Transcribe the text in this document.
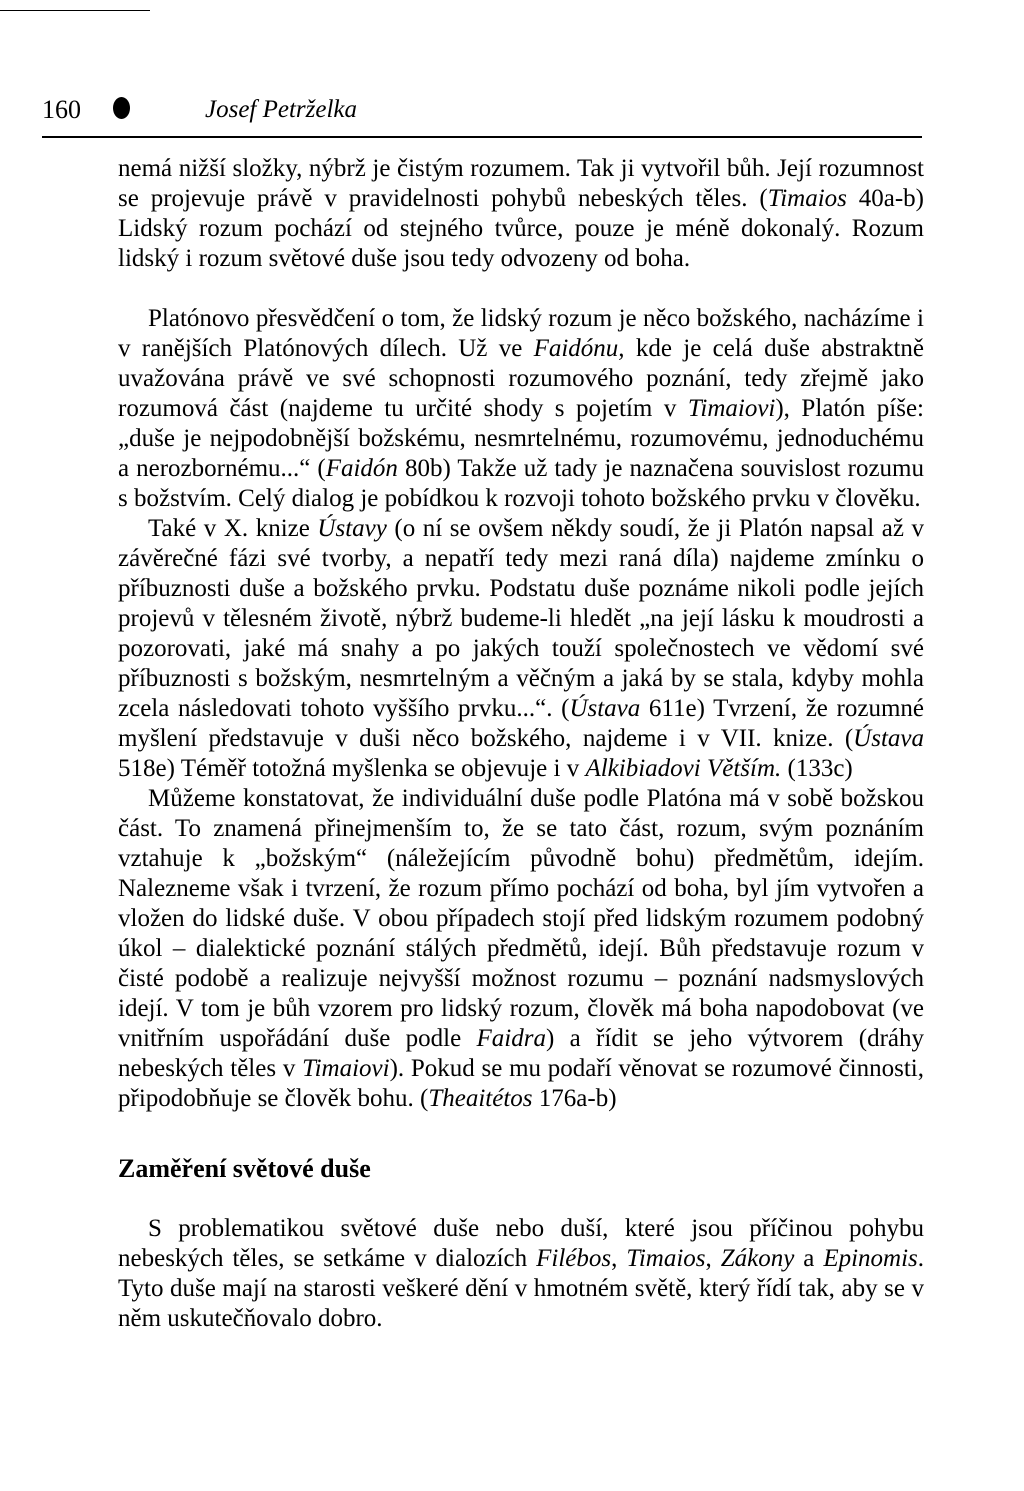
160	Josef Petrželka

nemá nižší složky, nýbrž je čistým rozumem. Tak ji vytvořil bůh. Její rozumnost se projevuje právě v pravidelnosti pohybů nebeských těles. (Timaios 40a-b) Lidský rozum pochází od stejného tvůrce, pouze je méně dokonalý. Rozum lidský i rozum světové duše jsou tedy odvozeny od boha.

Platónovo přesvědčení o tom, že lidský rozum je něco božského, nacházíme i v ranějších Platónových dílech. Už ve Faidónu, kde je celá duše abstraktně uvažována právě ve své schopnosti rozumového poznání, tedy zřejmě jako rozumová část (najdeme tu určité shody s pojetím v Timaiovi), Platón píše: „duše je nejpodobnější božskému, nesmrtelnému, rozumovému, jednoduchému a nerozbornému...“ (Faidón 80b) Takže už tady je naznačena souvislost rozumu s božstvím. Celý dialog je pobídkou k rozvoji tohoto božského prvku v člověku.

Také v X. knize Ústavy (o ní se ovšem někdy soudí, že ji Platón napsal až v závěrečné fázi své tvorby, a nepatří tedy mezi raná díla) najdeme zmínku o příbuznosti duše a božského prvku. Podstatu duše poznáme nikoli podle jejích projevů v tělesném životě, nýbrž budeme-li hledět „na její lásku k moudrosti a pozorovati, jaké má snahy a po jakých touží společnostech ve vědomí své příbuznosti s božským, nesmrtelným a věčným a jaká by se stala, kdyby mohla zcela následovati tohoto vyššího prvku...“. (Ústava 611e) Tvrzení, že rozumné myšlení představuje v duši něco božského, najdeme i v VII. knize. (Ústava 518e) Téměř totožná myšlenka se objevuje i v Alkibiadovi Větším. (133c)

Můžeme konstatovat, že individuální duše podle Platóna má v sobě božskou část. To znamená přinejmenším to, že se tato část, rozum, svým poznáním vztahuje k „božským“ (náležejícím původně bohu) předmětům, idejím. Nalezneme však i tvrzení, že rozum přímo pochází od boha, byl jím vytvořen a vložen do lidské duše. V obou případech stojí před lidským rozumem podobný úkol – dialektické poznání stálých předmětů, idejí. Bůh představuje rozum v čisté podobě a realizuje nejvyšší možnost rozumu – poznání nadsmyslových idejí. V tom je bůh vzorem pro lidský rozum, člověk má boha napodobovat (ve vnitřním uspořádání duše podle Faidra) a řídit se jeho výtvorem (dráhy nebeských těles v Timaiovi). Pokud se mu podaří věnovat se rozumové činnosti, připodobňuje se člověk bohu. (Theaitétos 176a-b)

Zaměření světové duše

S problematikou světové duše nebo duší, které jsou příčinou pohybu nebeských těles, se setkáme v dialozích Filébos, Timaios, Zákony a Epinomis. Tyto duše mají na starosti veškeré dění v hmotném světě, který řídí tak, aby se v něm uskutečňovalo dobro.
